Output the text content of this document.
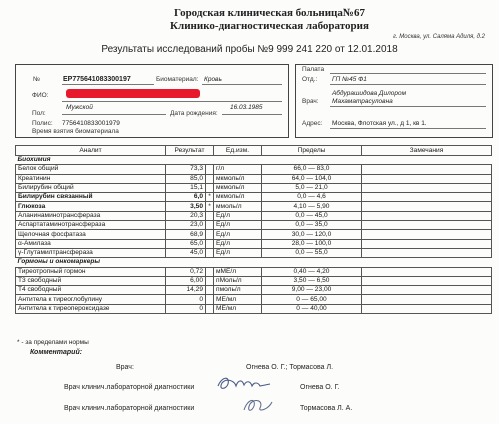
Городская клиническая больница№67
Клинико-диагностическая лаборатория
г. Москва, ул. Саляма Адиля, д.2
Результаты исследований пробы №9 999 241 220 от 12.01.2018
№	ЕР775641083300197	Биоматериал: Кровь
ФИО:
Пол:
Мужской
Дата рождения:
16.03.1985
Полис: 7756410833001979
Время взятия биоматериала
Палата
Отд.: ГП №45 Ф1
Абдурашидова Дилором
Врач: Махаматрасуловна
Адрес: Москва, Флотская ул., д 1, кв 1.
Аналит	Результат		Ед.изм.	Пределы	Замечания
Биохимия					
Белок общий	73,3		г/л	66,0 — 83,0	
Креатинин	85,0		мкмоль/л	64,0 — 104,0	
Билирубин общий	15,1		мкмоль/л	5,0 — 21,0	
Билирубин связанный	6,0	*	мкмоль/л	0,0 — 4,6	
Глюкоза	3,50	*	ммоль/л	4,10 — 5,90	
Аланинаминотрансфераза	20,3		Ед/л	0,0 — 45,0	
Аспартатаминотрансфераза	23,0		Ед/л	0,0 — 35,0	
Щелочная фосфатаза	68,9		Ед/л	30,0 — 120,0	
α-Амилаза	65,0		Ед/л	28,0 — 100,0	
γ-Глутамилтрансфераза	45,0		Ед/л	0,0 — 55,0	
Гормоны и онкомаркеры					
Тиреотропный гормон	0,72		мМЕ/л	0,40 — 4,20	
Т3 свободный	6,00		пМоль/л	3,50 — 6,50	
Т4 свободный	14,29		пмоль/л	9,00 — 23,00	
Антитела к тиреоглобулину	0		МЕ/мл	0 — 65,00	
Антитела к тиреопероксидазе	0		МЕ/мл	0 — 40,00	
* - за пределами нормы
Комментарий:
Врач:	Огнева О. Г.; Тормасова Л.
Врач клинич.лабораторной диагностики	Огнева О. Г.
Врач клинич.лабораторной диагностики	Тормасова Л. А.
